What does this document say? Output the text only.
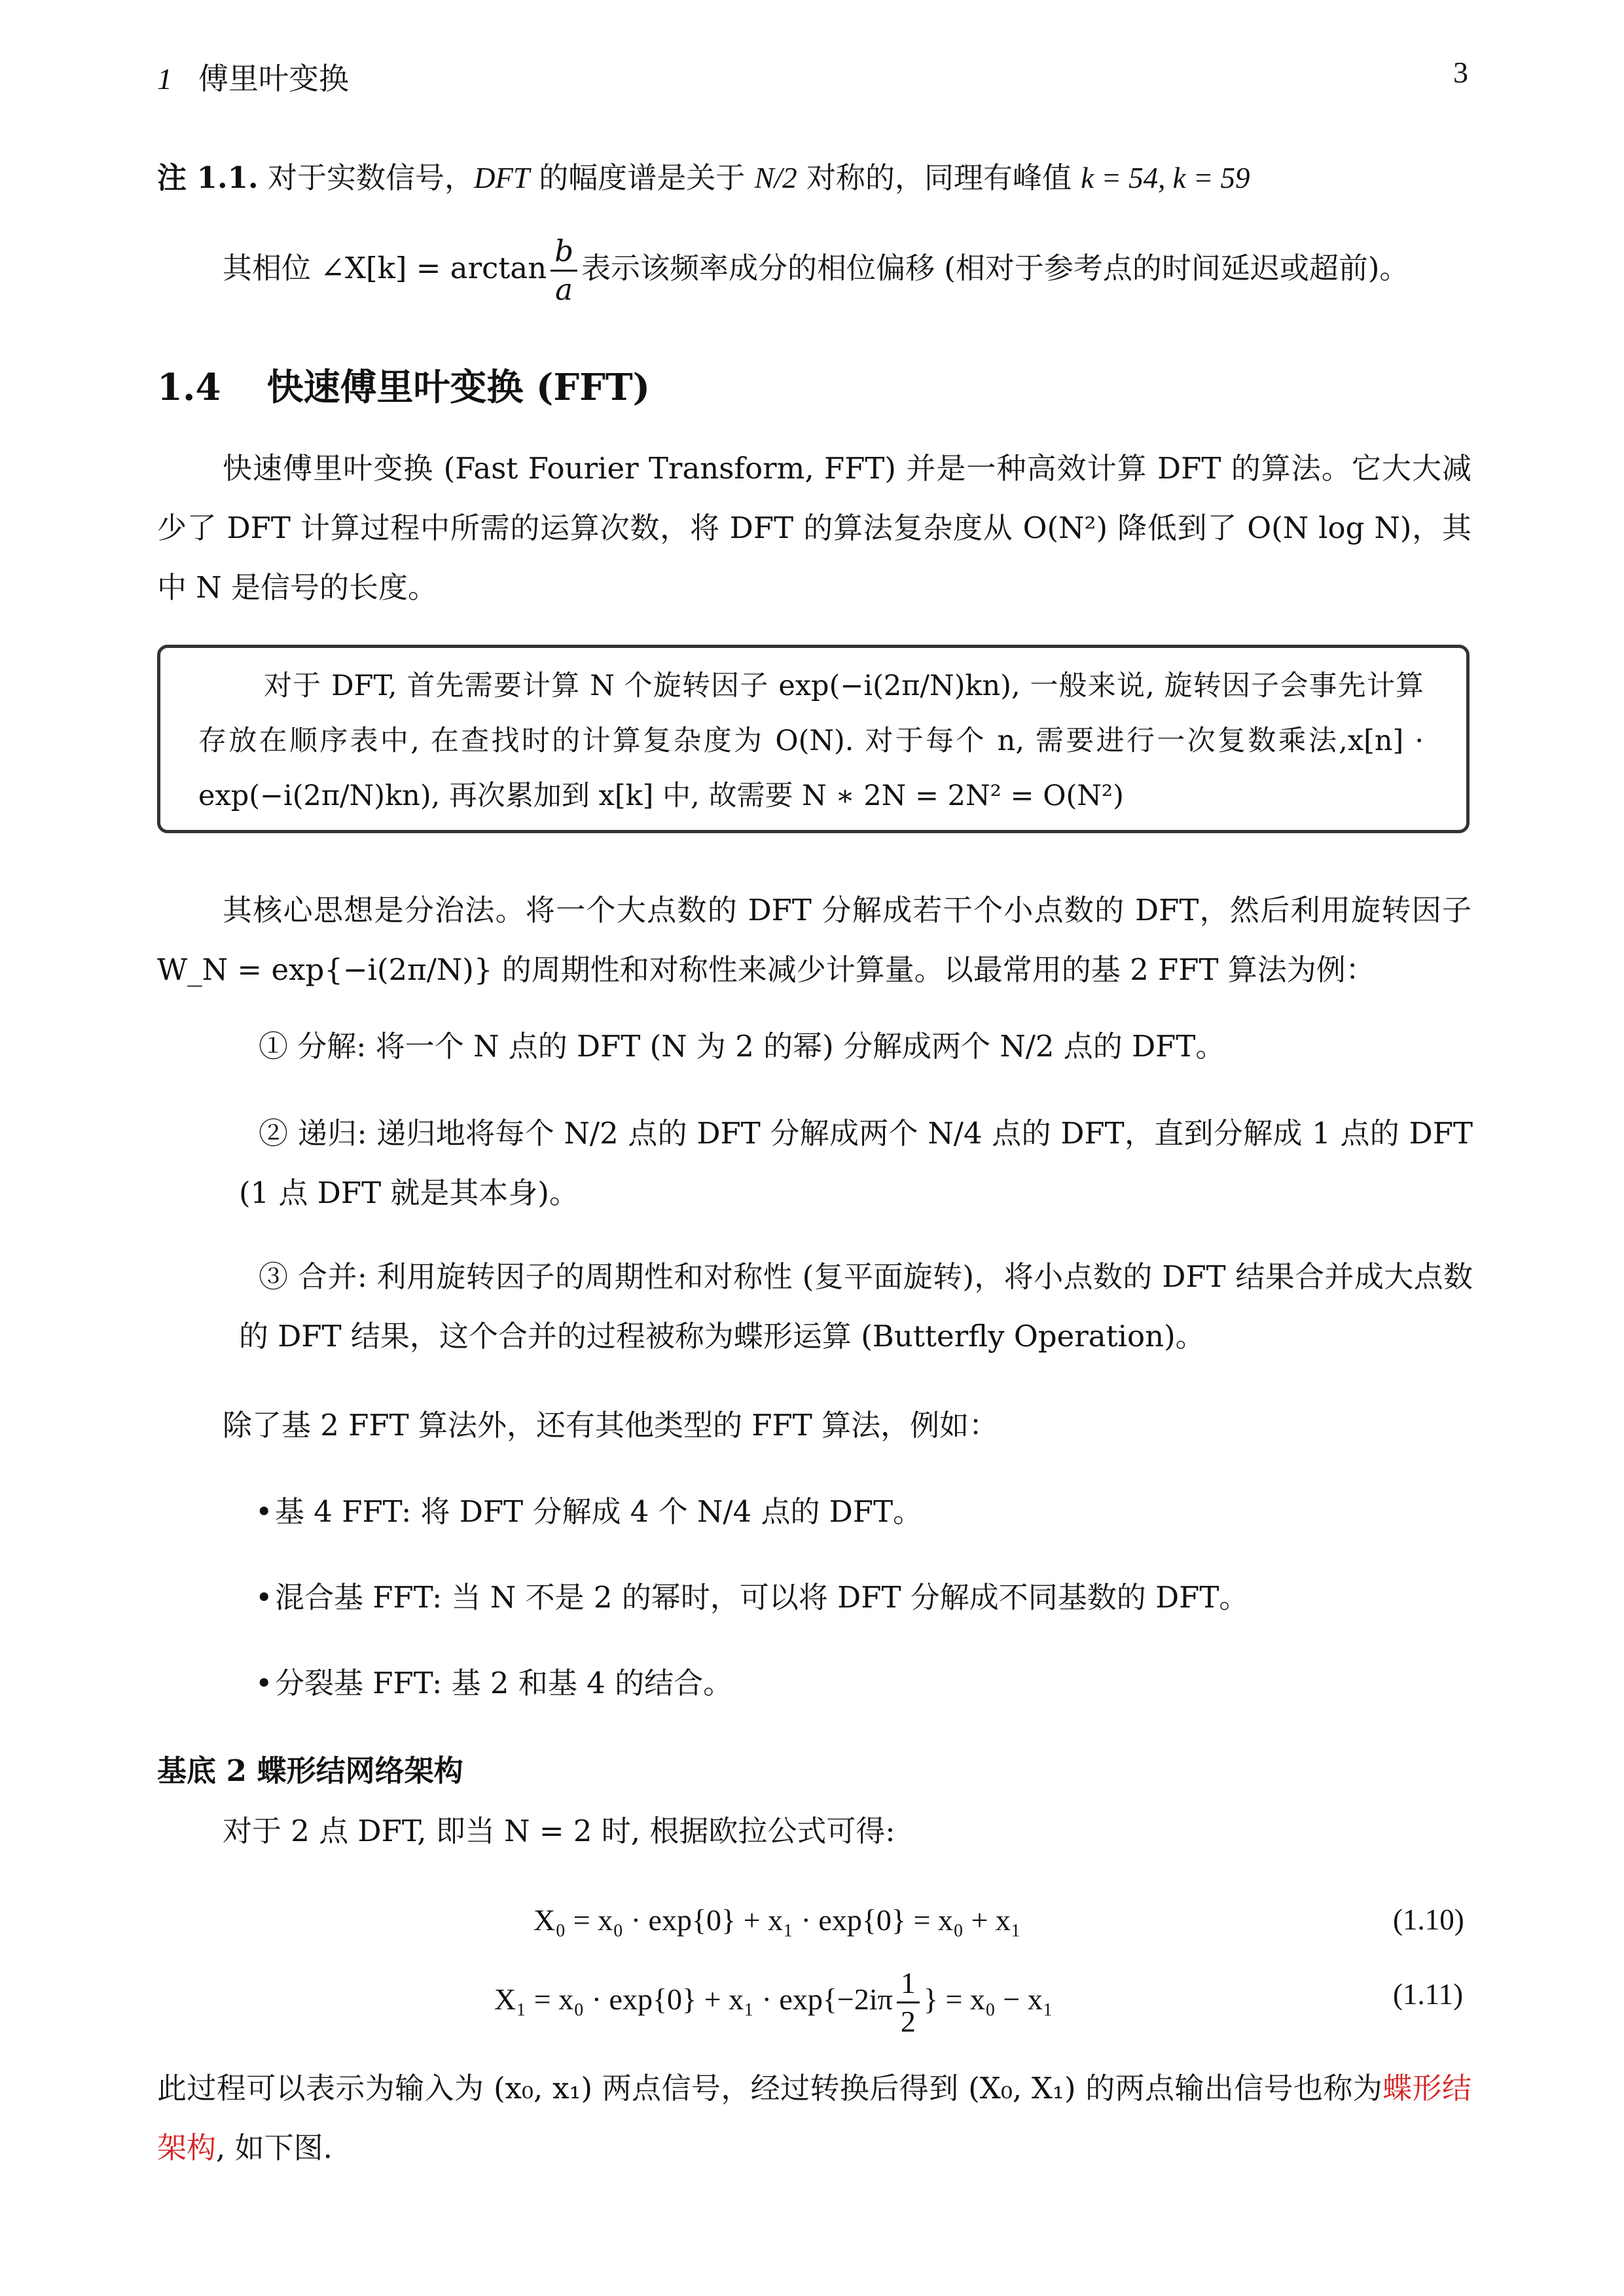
1 傅里叶变换	3
注 1.1. 对于实数信号，DFT 的幅度谱是关于 N/2 对称的，同理有峰值 k = 54, k = 59
其相位 ∠X[k] = $\arctan \frac{b}{a}$ 表示该频率成分的相位偏移 (相对于参考点的时间延迟或超前)。
1.4 快速傅里叶变换 (FFT)
快速傅里叶变换 (Fast Fourier Transform, FFT) 并是一种高效计算 DFT 的算法。它大大减少了 DFT 计算过程中所需的运算次数，将 DFT 的算法复杂度从 O(N²) 降低到了 O(N log N)，其中 N 是信号的长度。
对于 DFT, 首先需要计算 N 个旋转因子 exp(−i(2π/N)kn), 一般来说, 旋转因子会事先计算存放在顺序表中, 在查找时的计算复杂度为 O(N). 对于每个 n, 需要进行一次复数乘法,x[n] · exp(−i(2π/N)kn), 再次累加到 x[k] 中, 故需要 N ∗ 2N = 2N² = O(N²)
其核心思想是分治法。将一个大点数的 DFT 分解成若干个小点数的 DFT，然后利用旋转因子 W_N = exp{−i(2π/N)} 的周期性和对称性来减少计算量。以最常用的基 2 FFT 算法为例：
① 分解: 将一个 N 点的 DFT (N 为 2 的幂) 分解成两个 N/2 点的 DFT。
② 递归: 递归地将每个 N/2 点的 DFT 分解成两个 N/4 点的 DFT，直到分解成 1 点的 DFT (1 点 DFT 就是其本身)。
③ 合并: 利用旋转因子的周期性和对称性 (复平面旋转)，将小点数的 DFT 结果合并成大点数的 DFT 结果，这个合并的过程被称为蝶形运算 (Butterfly Operation)。
除了基 2 FFT 算法外，还有其他类型的 FFT 算法，例如：
• 基 4 FFT: 将 DFT 分解成 4 个 N/4 点的 DFT。
• 混合基 FFT: 当 N 不是 2 的幂时，可以将 DFT 分解成不同基数的 DFT。
• 分裂基 FFT: 基 2 和基 4 的结合。
基底 2 蝶形结网络架构
对于 2 点 DFT, 即当 N = 2 时, 根据欧拉公式可得:
X₀ = x₀ · exp{0} + x₁ · exp{0} = x₀ + x₁	(1.10)
$X_1 = x_0 \cdot \exp\{0\} + x_1 \cdot \exp\{-2i\pi \frac{1}{2}$ } = x₀ − x₁	(1.11)
此过程可以表示为输入为 (x₀, x₁) 两点信号，经过转换后得到 (X₀, X₁) 的两点输出信号也称为蝶形结架构, 如下图.
